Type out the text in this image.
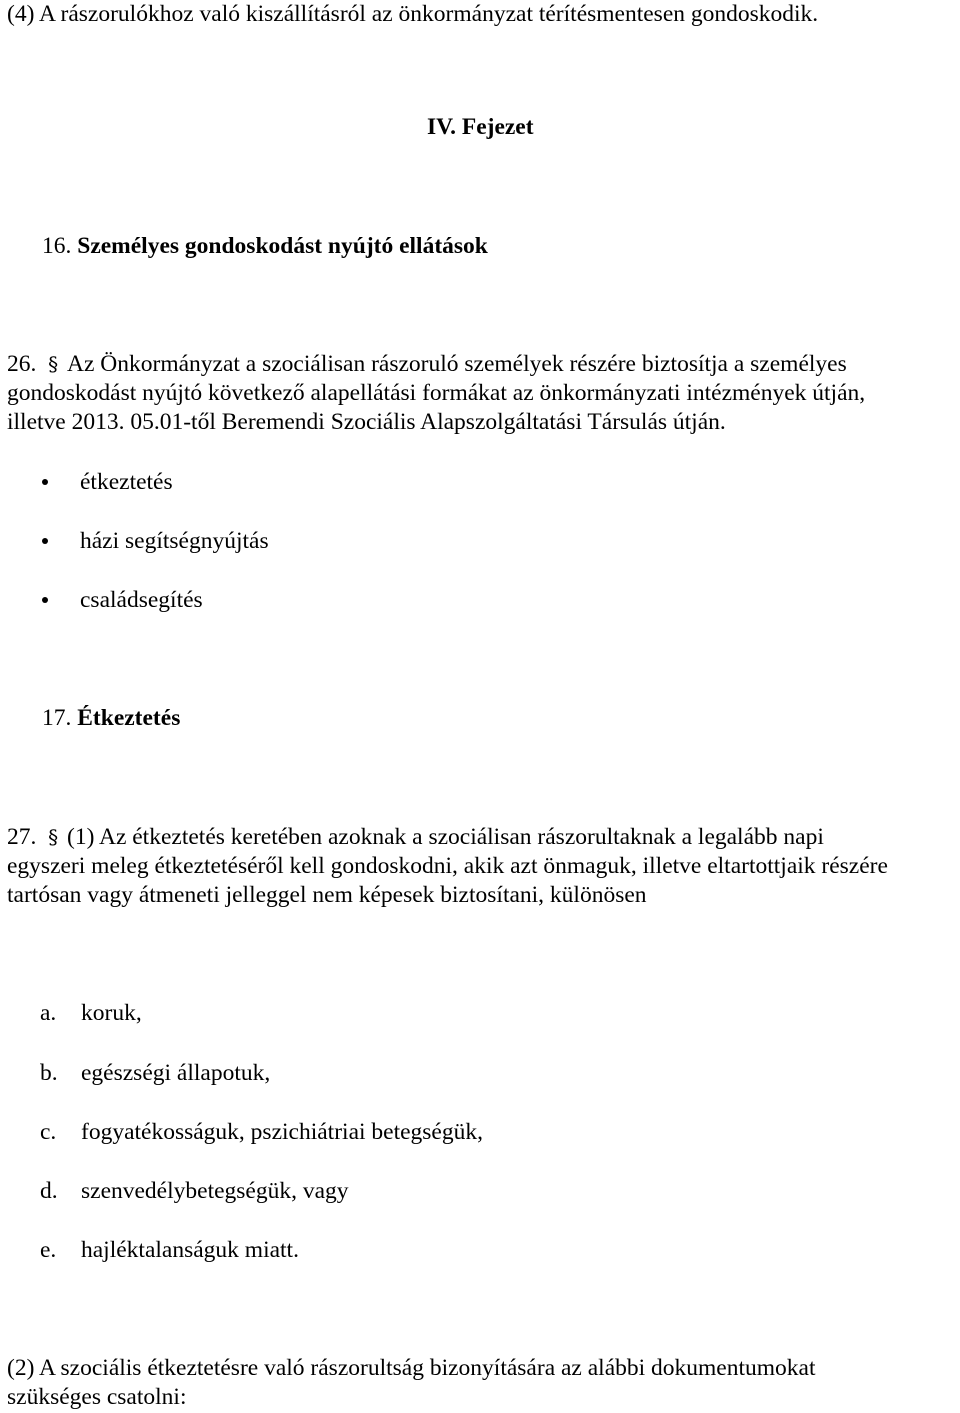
(4) A rászorulókhoz való kiszállításról az önkormányzat térítésmentesen gondoskodik.
IV. Fejezet
16. Személyes gondoskodást nyújtó ellátások
26. § Az Önkormányzat a szociálisan rászoruló személyek részére biztosítja a személyes
gondoskodást nyújtó következő alapellátási formákat az önkormányzati intézmények útján,
illetve 2013. 05.01-től Beremendi Szociális Alapszolgáltatási Társulás útján.
étkeztetés
házi segítségnyújtás
családsegítés
17. Étkeztetés
27. § (1) Az étkeztetés keretében azoknak a szociálisan rászorultaknak a legalább napi
egyszeri meleg étkeztetéséről kell gondoskodni, akik azt önmaguk, illetve eltartottjaik részére
tartósan vagy átmeneti jelleggel nem képesek biztosítani, különösen
a. koruk,
b. egészségi állapotuk,
c. fogyatékosságuk, pszichiátriai betegségük,
d. szenvedélybetegségük, vagy
e. hajléktalanságuk miatt.
(2) A szociális étkeztetésre való rászorultság bizonyítására az alábbi dokumentumokat
szükséges csatolni:
